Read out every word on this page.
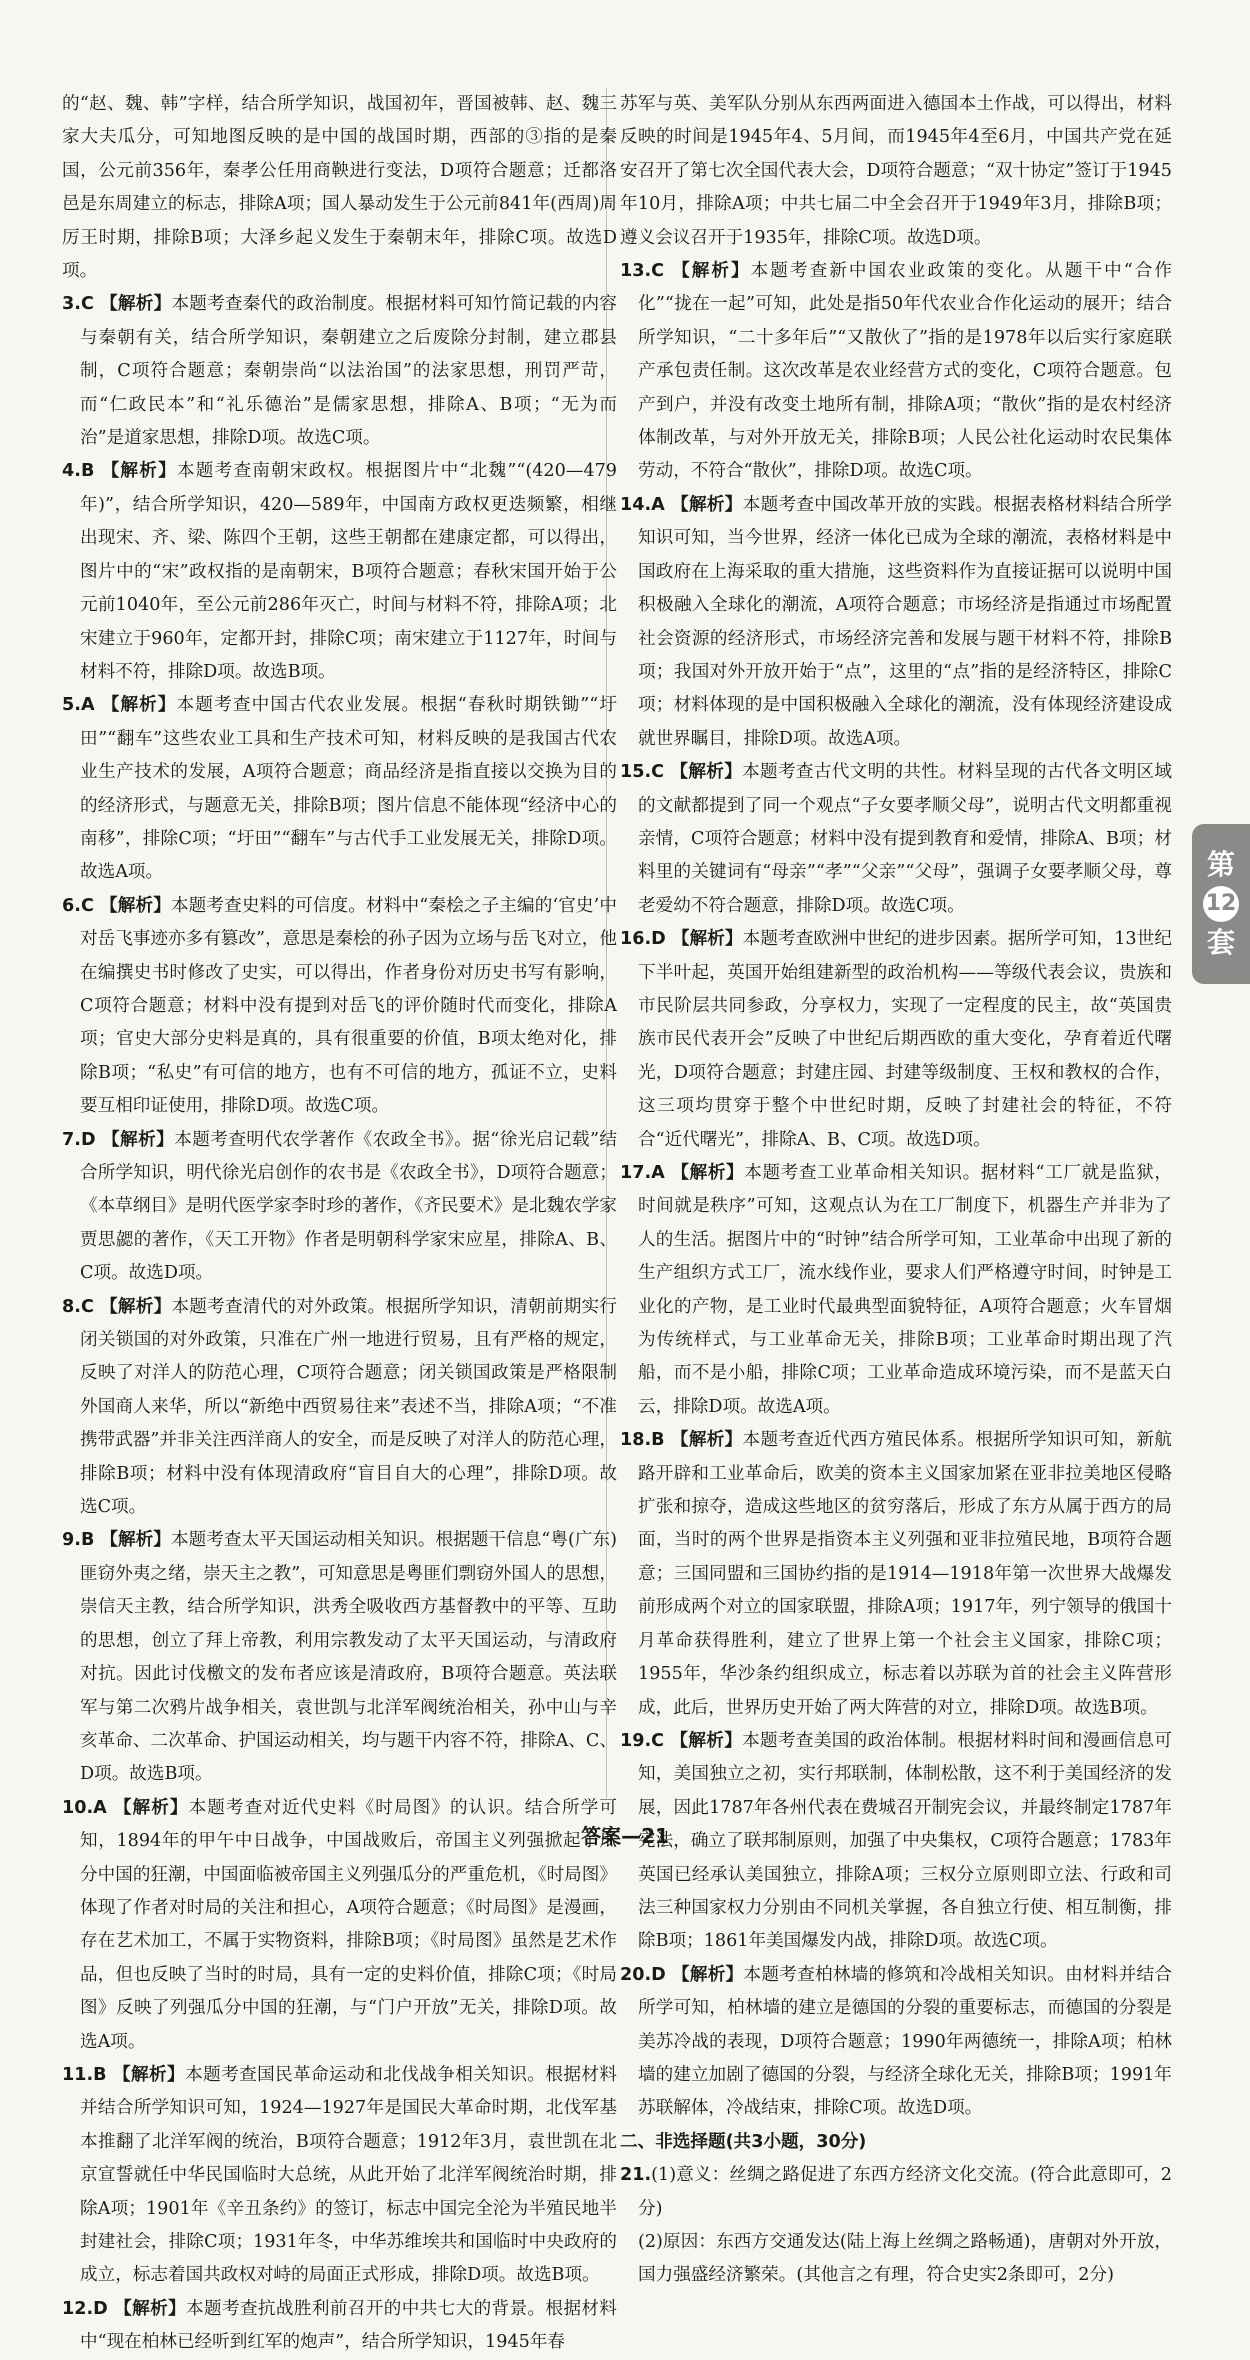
的“赵、魏、韩”字样，结合所学知识，战国初年，晋国被韩、赵、魏三家大夫瓜分，可知地图反映的是中国的战国时期，西部的③指的是秦国，公元前356年，秦孝公任用商鞅进行变法，D项符合题意；迁都洛邑是东周建立的标志，排除A项；国人暴动发生于公元前841年(西周)周厉王时期，排除B项；大泽乡起义发生于秦朝末年，排除C项。故选D项。

3.C 【解析】本题考查秦代的政治制度。根据材料可知竹简记载的内容与秦朝有关，结合所学知识，秦朝建立之后废除分封制，建立郡县制，C项符合题意；秦朝崇尚“以法治国”的法家思想，刑罚严苛，而“仁政民本”和“礼乐德治”是儒家思想，排除A、B项；“无为而治”是道家思想，排除D项。故选C项。

4.B 【解析】本题考查南朝宋政权。根据图片中“北魏”“(420—479年)”，结合所学知识，420—589年，中国南方政权更迭频繁，相继出现宋、齐、梁、陈四个王朝，这些王朝都在建康定都，可以得出，图片中的“宋”政权指的是南朝宋，B项符合题意；春秋宋国开始于公元前1040年，至公元前286年灭亡，时间与材料不符，排除A项；北宋建立于960年，定都开封，排除C项；南宋建立于1127年，时间与材料不符，排除D项。故选B项。

5.A 【解析】本题考查中国古代农业发展。根据“春秋时期铁锄”“圩田”“翻车”这些农业工具和生产技术可知，材料反映的是我国古代农业生产技术的发展，A项符合题意；商品经济是指直接以交换为目的的经济形式，与题意无关，排除B项；图片信息不能体现“经济中心的南移”，排除C项；“圩田”“翻车”与古代手工业发展无关，排除D项。故选A项。

6.C 【解析】本题考查史料的可信度。材料中“秦桧之子主编的‘官史’中对岳飞事迹亦多有篡改”，意思是秦桧的孙子因为立场与岳飞对立，他在编撰史书时修改了史实，可以得出，作者身份对历史书写有影响，C项符合题意；材料中没有提到对岳飞的评价随时代而变化，排除A项；官史大部分史料是真的，具有很重要的价值，B项太绝对化，排除B项；“私史”有可信的地方，也有不可信的地方，孤证不立，史料要互相印证使用，排除D项。故选C项。

7.D 【解析】本题考查明代农学著作《农政全书》。据“徐光启记载”结合所学知识，明代徐光启创作的农书是《农政全书》，D项符合题意；《本草纲目》是明代医学家李时珍的著作，《齐民要术》是北魏农学家贾思勰的著作，《天工开物》作者是明朝科学家宋应星，排除A、B、C项。故选D项。

8.C 【解析】本题考查清代的对外政策。根据所学知识，清朝前期实行闭关锁国的对外政策，只准在广州一地进行贸易，且有严格的规定，反映了对洋人的防范心理，C项符合题意；闭关锁国政策是严格限制外国商人来华，所以“新绝中西贸易往来”表述不当，排除A项；“不准携带武器”并非关注西洋商人的安全，而是反映了对洋人的防范心理，排除B项；材料中没有体现清政府“盲目自大的心理”，排除D项。故选C项。

9.B 【解析】本题考查太平天国运动相关知识。根据题干信息“粤(广东)匪窃外夷之绪，崇天主之教”，可知意思是粤匪们剽窃外国人的思想，崇信天主教，结合所学知识，洪秀全吸收西方基督教中的平等、互助的思想，创立了拜上帝教，利用宗教发动了太平天国运动，与清政府对抗。因此讨伐檄文的发布者应该是清政府，B项符合题意。英法联军与第二次鸦片战争相关，袁世凯与北洋军阀统治相关，孙中山与辛亥革命、二次革命、护国运动相关，均与题干内容不符，排除A、C、D项。故选B项。

10.A 【解析】本题考查对近代史料《时局图》的认识。结合所学可知，1894年的甲午中日战争，中国战败后，帝国主义列强掀起了瓜分中国的狂潮，中国面临被帝国主义列强瓜分的严重危机，《时局图》体现了作者对时局的关注和担心，A项符合题意；《时局图》是漫画，存在艺术加工，不属于实物资料，排除B项；《时局图》虽然是艺术作品，但也反映了当时的时局，具有一定的史料价值，排除C项；《时局图》反映了列强瓜分中国的狂潮，与“门户开放”无关，排除D项。故选A项。

11.B 【解析】本题考查国民革命运动和北伐战争相关知识。根据材料并结合所学知识可知，1924—1927年是国民大革命时期，北伐军基本推翻了北洋军阀的统治，B项符合题意；1912年3月，袁世凯在北京宣誓就任中华民国临时大总统，从此开始了北洋军阀统治时期，排除A项；1901年《辛丑条约》的签订，标志中国完全沦为半殖民地半封建社会，排除C项；1931年冬，中华苏维埃共和国临时中央政府的成立，标志着国共政权对峙的局面正式形成，排除D项。故选B项。

12.D 【解析】本题考查抗战胜利前召开的中共七大的背景。根据材料中“现在柏林已经听到红军的炮声”，结合所学知识，1945年春

苏军与英、美军队分别从东西两面进入德国本土作战，可以得出，材料反映的时间是1945年4、5月间，而1945年4至6月，中国共产党在延安召开了第七次全国代表大会，D项符合题意；“双十协定”签订于1945年10月，排除A项；中共七届二中全会召开于1949年3月，排除B项；遵义会议召开于1935年，排除C项。故选D项。

13.C 【解析】本题考查新中国农业政策的变化。从题干中“合作化”“拢在一起”可知，此处是指50年代农业合作化运动的展开；结合所学知识，“二十多年后”“又散伙了”指的是1978年以后实行家庭联产承包责任制。这次改革是农业经营方式的变化，C项符合题意。包产到户，并没有改变土地所有制，排除A项；“散伙”指的是农村经济体制改革，与对外开放无关，排除B项；人民公社化运动时农民集体劳动，不符合“散伙”，排除D项。故选C项。

14.A 【解析】本题考查中国改革开放的实践。根据表格材料结合所学知识可知，当今世界，经济一体化已成为全球的潮流，表格材料是中国政府在上海采取的重大措施，这些资料作为直接证据可以说明中国积极融入全球化的潮流，A项符合题意；市场经济是指通过市场配置社会资源的经济形式，市场经济完善和发展与题干材料不符，排除B项；我国对外开放开始于“点”，这里的“点”指的是经济特区，排除C项；材料体现的是中国积极融入全球化的潮流，没有体现经济建设成就世界瞩目，排除D项。故选A项。

15.C 【解析】本题考查古代文明的共性。材料呈现的古代各文明区域的文献都提到了同一个观点“子女要孝顺父母”，说明古代文明都重视亲情，C项符合题意；材料中没有提到教育和爱情，排除A、B项；材料里的关键词有“母亲”“孝”“父亲”“父母”，强调子女要孝顺父母，尊老爱幼不符合题意，排除D项。故选C项。

16.D 【解析】本题考查欧洲中世纪的进步因素。据所学可知，13世纪下半叶起，英国开始组建新型的政治机构——等级代表会议，贵族和市民阶层共同参政，分享权力，实现了一定程度的民主，故“英国贵族市民代表开会”反映了中世纪后期西欧的重大变化，孕育着近代曙光，D项符合题意；封建庄园、封建等级制度、王权和教权的合作，这三项均贯穿于整个中世纪时期，反映了封建社会的特征，不符合“近代曙光”，排除A、B、C项。故选D项。

17.A 【解析】本题考查工业革命相关知识。据材料“工厂就是监狱，时间就是秩序”可知，这观点认为在工厂制度下，机器生产并非为了人的生活。据图片中的“时钟”结合所学可知，工业革命中出现了新的生产组织方式工厂，流水线作业，要求人们严格遵守时间，时钟是工业化的产物，是工业时代最典型面貌特征，A项符合题意；火车冒烟为传统样式，与工业革命无关，排除B项；工业革命时期出现了汽船，而不是小船，排除C项；工业革命造成环境污染，而不是蓝天白云，排除D项。故选A项。

18.B 【解析】本题考查近代西方殖民体系。根据所学知识可知，新航路开辟和工业革命后，欧美的资本主义国家加紧在亚非拉美地区侵略扩张和掠夺，造成这些地区的贫穷落后，形成了东方从属于西方的局面，当时的两个世界是指资本主义列强和亚非拉殖民地，B项符合题意；三国同盟和三国协约指的是1914—1918年第一次世界大战爆发前形成两个对立的国家联盟，排除A项；1917年，列宁领导的俄国十月革命获得胜利，建立了世界上第一个社会主义国家，排除C项；1955年，华沙条约组织成立，标志着以苏联为首的社会主义阵营形成，此后，世界历史开始了两大阵营的对立，排除D项。故选B项。

19.C 【解析】本题考查美国的政治体制。根据材料时间和漫画信息可知，美国独立之初，实行邦联制，体制松散，这不利于美国经济的发展，因此1787年各州代表在费城召开制宪会议，并最终制定1787年宪法，确立了联邦制原则，加强了中央集权，C项符合题意；1783年英国已经承认美国独立，排除A项；三权分立原则即立法、行政和司法三种国家权力分别由不同机关掌握，各自独立行使、相互制衡，排除B项；1861年美国爆发内战，排除D项。故选C项。

20.D 【解析】本题考查柏林墙的修筑和冷战相关知识。由材料并结合所学可知，柏林墙的建立是德国的分裂的重要标志，而德国的分裂是美苏冷战的表现，D项符合题意；1990年两德统一，排除A项；柏林墙的建立加剧了德国的分裂，与经济全球化无关，排除B项；1991年苏联解体，冷战结束，排除C项。故选D项。

二、非选择题(共3小题，30分)

21.(1)意义：丝绸之路促进了东西方经济文化交流。(符合此意即可，2分)

(2)原因：东西方交通发达(陆上海上丝绸之路畅通)，唐朝对外开放，国力强盛经济繁荣。(其他言之有理，符合史实2条即可，2分)

第
12
套
答案—21
